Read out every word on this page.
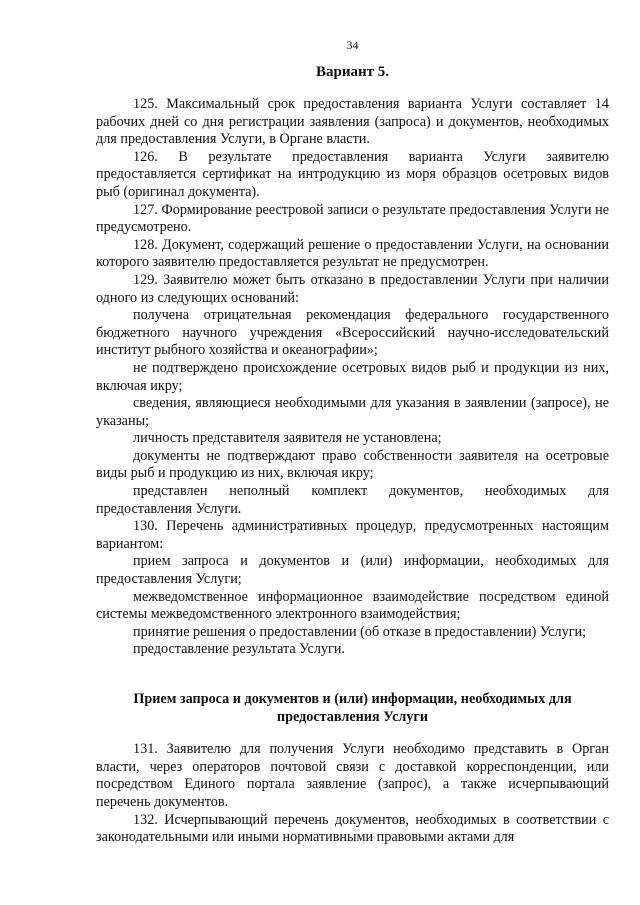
34
Вариант 5.

125. Максимальный срок предоставления варианта Услуги составляет 14 рабочих дней со дня регистрации заявления (запроса) и документов, необходимых для предоставления Услуги, в Органе власти.

126. В результате предоставления варианта Услуги заявителю предоставляется сертификат на интродукцию из моря образцов осетровых видов рыб (оригинал документа).

127. Формирование реестровой записи о результате предоставления Услуги не предусмотрено.

128. Документ, содержащий решение о предоставлении Услуги, на основании которого заявителю предоставляется результат не предусмотрен.

129. Заявителю может быть отказано в предоставлении Услуги при наличии одного из следующих оснований:

получена отрицательная рекомендация федерального государственного бюджетного научного учреждения «Всероссийский научно-исследовательский институт рыбного хозяйства и океанографии»;

не подтверждено происхождение осетровых видов рыб и продукции из них, включая икру;

сведения, являющиеся необходимыми для указания в заявлении (запросе), не указаны;

личность представителя заявителя не установлена;

документы не подтверждают право собственности заявителя на осетровые виды рыб и продукцию из них, включая икру;

представлен неполный комплект документов, необходимых для предоставления Услуги.

130. Перечень административных процедур, предусмотренных настоящим вариантом:

прием запроса и документов и (или) информации, необходимых для предоставления Услуги;

межведомственное информационное взаимодействие посредством единой системы межведомственного электронного взаимодействия;

принятие решения о предоставлении (об отказе в предоставлении) Услуги;

предоставление результата Услуги.

Прием запроса и документов и (или) информации, необходимых для предоставления Услуги

131. Заявителю для получения Услуги необходимо представить в Орган власти, через операторов почтовой связи с доставкой корреспонденции, или посредством Единого портала заявление (запрос), а также исчерпывающий перечень документов.

132. Исчерпывающий перечень документов, необходимых в соответствии с законодательными или иными нормативными правовыми актами для
